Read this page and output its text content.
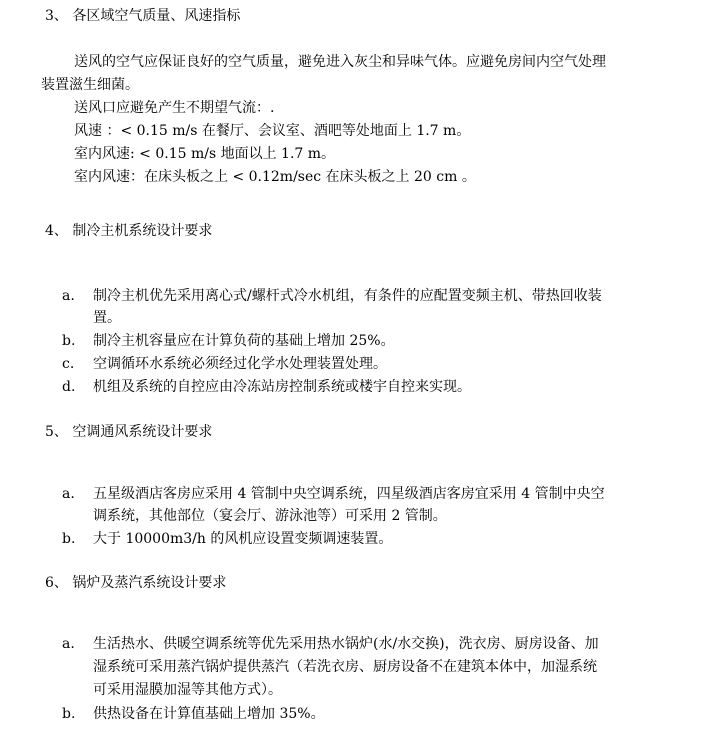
3、 各区域空气质量、风速指标
送风的空气应保证良好的空气质量，避免进入灰尘和异味气体。应避免房间内空气处理
装置滋生细菌。
送风口应避免产生不期望气流：.
风速 ：< 0.15 m/s 在餐厅、会议室、酒吧等处地面上 1.7 m。
室内风速: < 0.15 m/s 地面以上 1.7 m。
室内风速：在床头板之上 < 0.12m/sec 在床头板之上 20 cm 。
4、 制冷主机系统设计要求
a. 制冷主机优先采用离心式/螺杆式冷水机组，有条件的应配置变频主机、带热回收装
置。
b. 制冷主机容量应在计算负荷的基础上增加 25%。
c. 空调循环水系统必须经过化学水处理装置处理。
d. 机组及系统的自控应由冷冻站房控制系统或楼宇自控来实现。
5、 空调通风系统设计要求
a. 五星级酒店客房应采用 4 管制中央空调系统，四星级酒店客房宜采用 4 管制中央空
调系统，其他部位（宴会厅、游泳池等）可采用 2 管制。
b. 大于 10000m3/h 的风机应设置变频调速装置。
6、 锅炉及蒸汽系统设计要求
a. 生活热水、供暖空调系统等优先采用热水锅炉(水/水交换)，洗衣房、厨房设备、加
湿系统可采用蒸汽锅炉提供蒸汽（若洗衣房、厨房设备不在建筑本体中，加湿系统
可采用湿膜加湿等其他方式）。
b. 供热设备在计算值基础上增加 35%。
